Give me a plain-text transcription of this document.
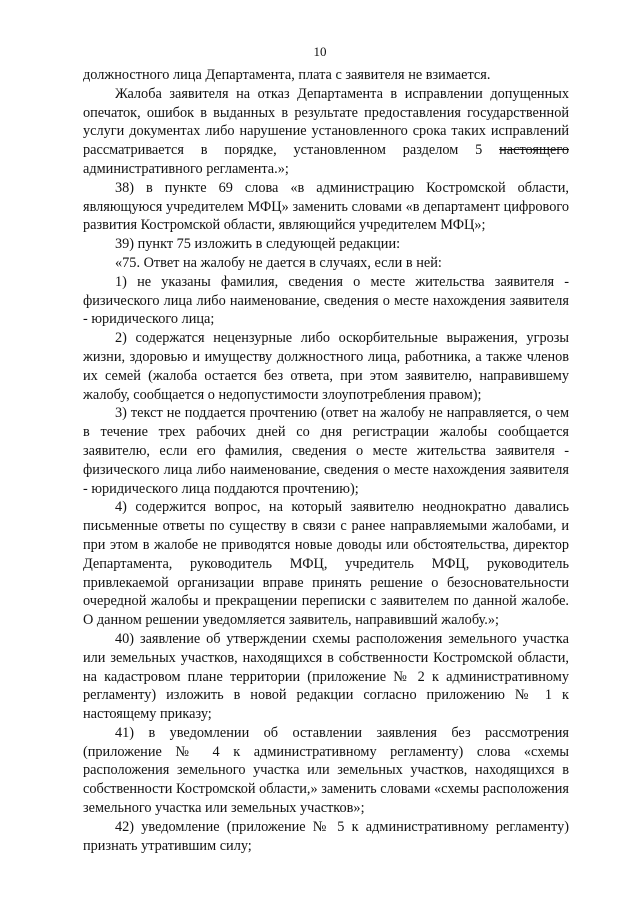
10

должностного лица Департамента, плата с заявителя не взимается.

Жалоба заявителя на отказ Департамента в исправлении допущенных опечаток, ошибок в выданных в результате предоставления государственной услуги документах либо нарушение установленного срока таких исправлений рассматривается в порядке, установленном разделом 5 настоящего административного регламента.»;

38) в пункте 69 слова «в администрацию Костромской области, являющуюся учредителем МФЦ» заменить словами «в департамент цифрового развития Костромской области, являющийся учредителем МФЦ»;

39) пункт 75 изложить в следующей редакции:

«75. Ответ на жалобу не дается в случаях, если в ней:

1) не указаны фамилия, сведения о месте жительства заявителя - физического лица либо наименование, сведения о месте нахождения заявителя - юридического лица;

2) содержатся нецензурные либо оскорбительные выражения, угрозы жизни, здоровью и имуществу должностного лица, работника, а также членов их семей (жалоба остается без ответа, при этом заявителю, направившему жалобу, сообщается о недопустимости злоупотребления правом);

3) текст не поддается прочтению (ответ на жалобу не направляется, о чем в течение трех рабочих дней со дня регистрации жалобы сообщается заявителю, если его фамилия, сведения о месте жительства заявителя - физического лица либо наименование, сведения о месте нахождения заявителя - юридического лица поддаются прочтению);

4) содержится вопрос, на который заявителю неоднократно давались письменные ответы по существу в связи с ранее направляемыми жалобами, и при этом в жалобе не приводятся новые доводы или обстоятельства, директор Департамента, руководитель МФЦ, учредитель МФЦ, руководитель привлекаемой организации вправе принять решение о безосновательности очередной жалобы и прекращении переписки с заявителем по данной жалобе. О данном решении уведомляется заявитель, направивший жалобу.»;

40) заявление об утверждении схемы расположения земельного участка или земельных участков, находящихся в собственности Костромской области, на кадастровом плане территории (приложение № 2 к административному регламенту) изложить в новой редакции согласно приложению № 1 к настоящему приказу;

41) в уведомлении об оставлении заявления без рассмотрения (приложение № 4 к административному регламенту) слова «схемы расположения земельного участка или земельных участков, находящихся в собственности Костромской области,» заменить словами «схемы расположения земельного участка или земельных участков»;

42) уведомление (приложение № 5 к административному регламенту) признать утратившим силу;
